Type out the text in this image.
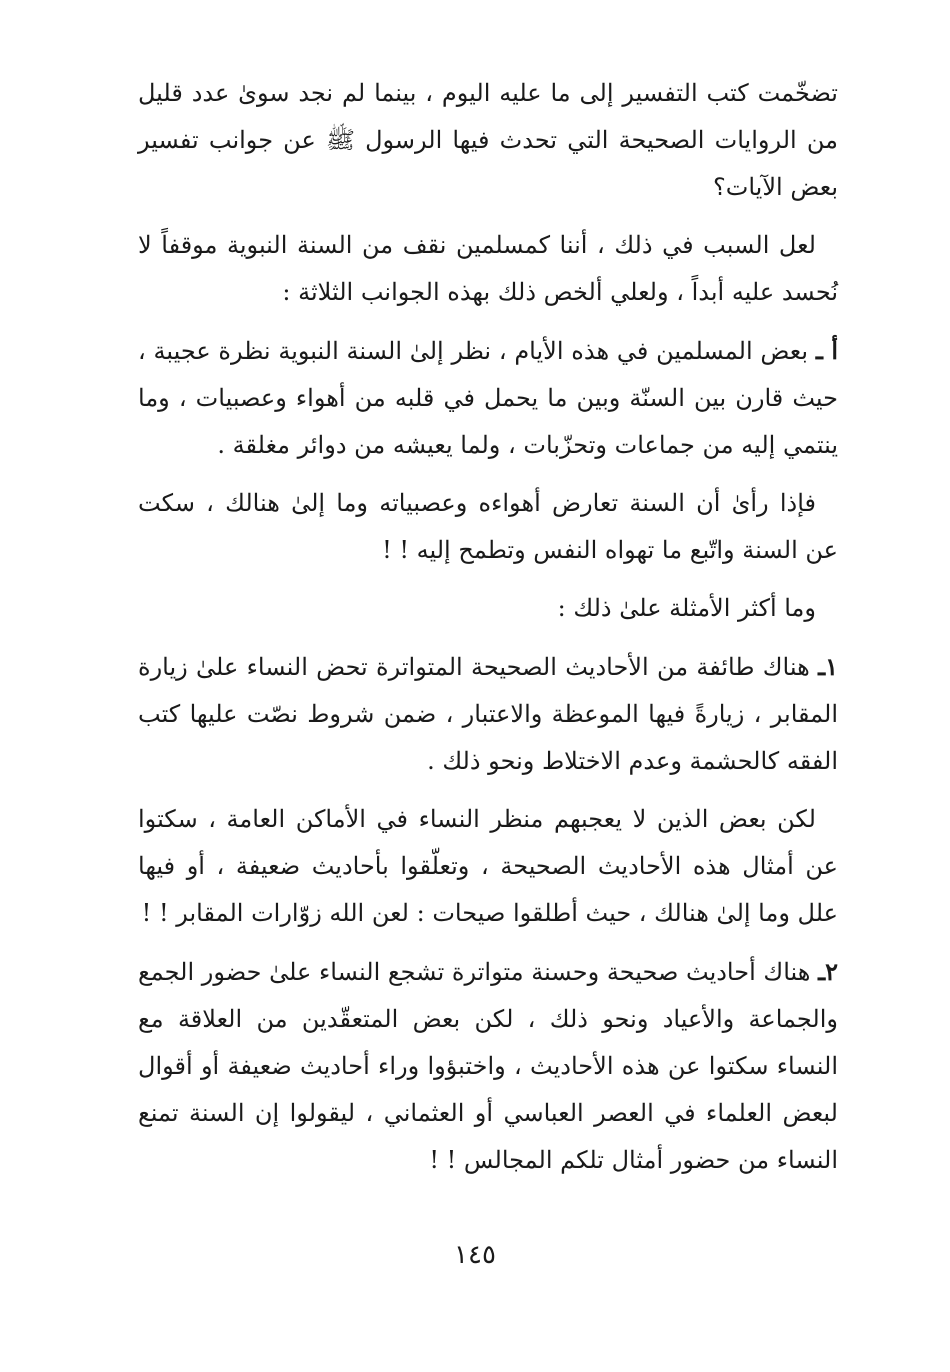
تضخّمت كتب التفسير إلى ما عليه اليوم ، بينما لم نجد سوىٰ عدد قليل من الروايات الصحيحة التي تحدث فيها الرسول ﷺ عن جوانب تفسير بعض الآيات؟

لعل السبب في ذلك ، أننا كمسلمين نقف من السنة النبوية موقفاً لا نُحسد عليه أبداً ، ولعلي ألخص ذلك بهذه الجوانب الثلاثة :

أ ـ بعض المسلمين في هذه الأيام ، نظر إلىٰ السنة النبوية نظرة عجيبة ، حيث قارن بين السنّة وبين ما يحمل في قلبه من أهواء وعصبيات ، وما ينتمي إليه من جماعات وتحزّبات ، ولما يعيشه من دوائر مغلقة .

فإذا رأىٰ أن السنة تعارض أهواءه وعصبياته وما إلىٰ هنالك ، سكت عن السنة واتّبع ما تهواه النفس وتطمح إليه ! !

وما أكثر الأمثلة علىٰ ذلك :

١ـ هناك طائفة من الأحاديث الصحيحة المتواترة تحض النساء علىٰ زيارة المقابر ، زيارةً فيها الموعظة والاعتبار ، ضمن شروط نصّت عليها كتب الفقه كالحشمة وعدم الاختلاط ونحو ذلك .

لكن بعض الذين لا يعجبهم منظر النساء في الأماكن العامة ، سكتوا عن أمثال هذه الأحاديث الصحيحة ، وتعلّقوا بأحاديث ضعيفة ، أو فيها علل وما إلىٰ هنالك ، حيث أطلقوا صيحات : لعن الله زوّارات المقابر ! !

٢ـ هناك أحاديث صحيحة وحسنة متواترة تشجع النساء علىٰ حضور الجمع والجماعة والأعياد ونحو ذلك ، لكن بعض المتعقّدين من العلاقة مع النساء سكتوا عن هذه الأحاديث ، واختبؤوا وراء أحاديث ضعيفة أو أقوال لبعض العلماء في العصر العباسي أو العثماني ، ليقولوا إن السنة تمنع النساء من حضور أمثال تلكم المجالس ! !

١٤٥
